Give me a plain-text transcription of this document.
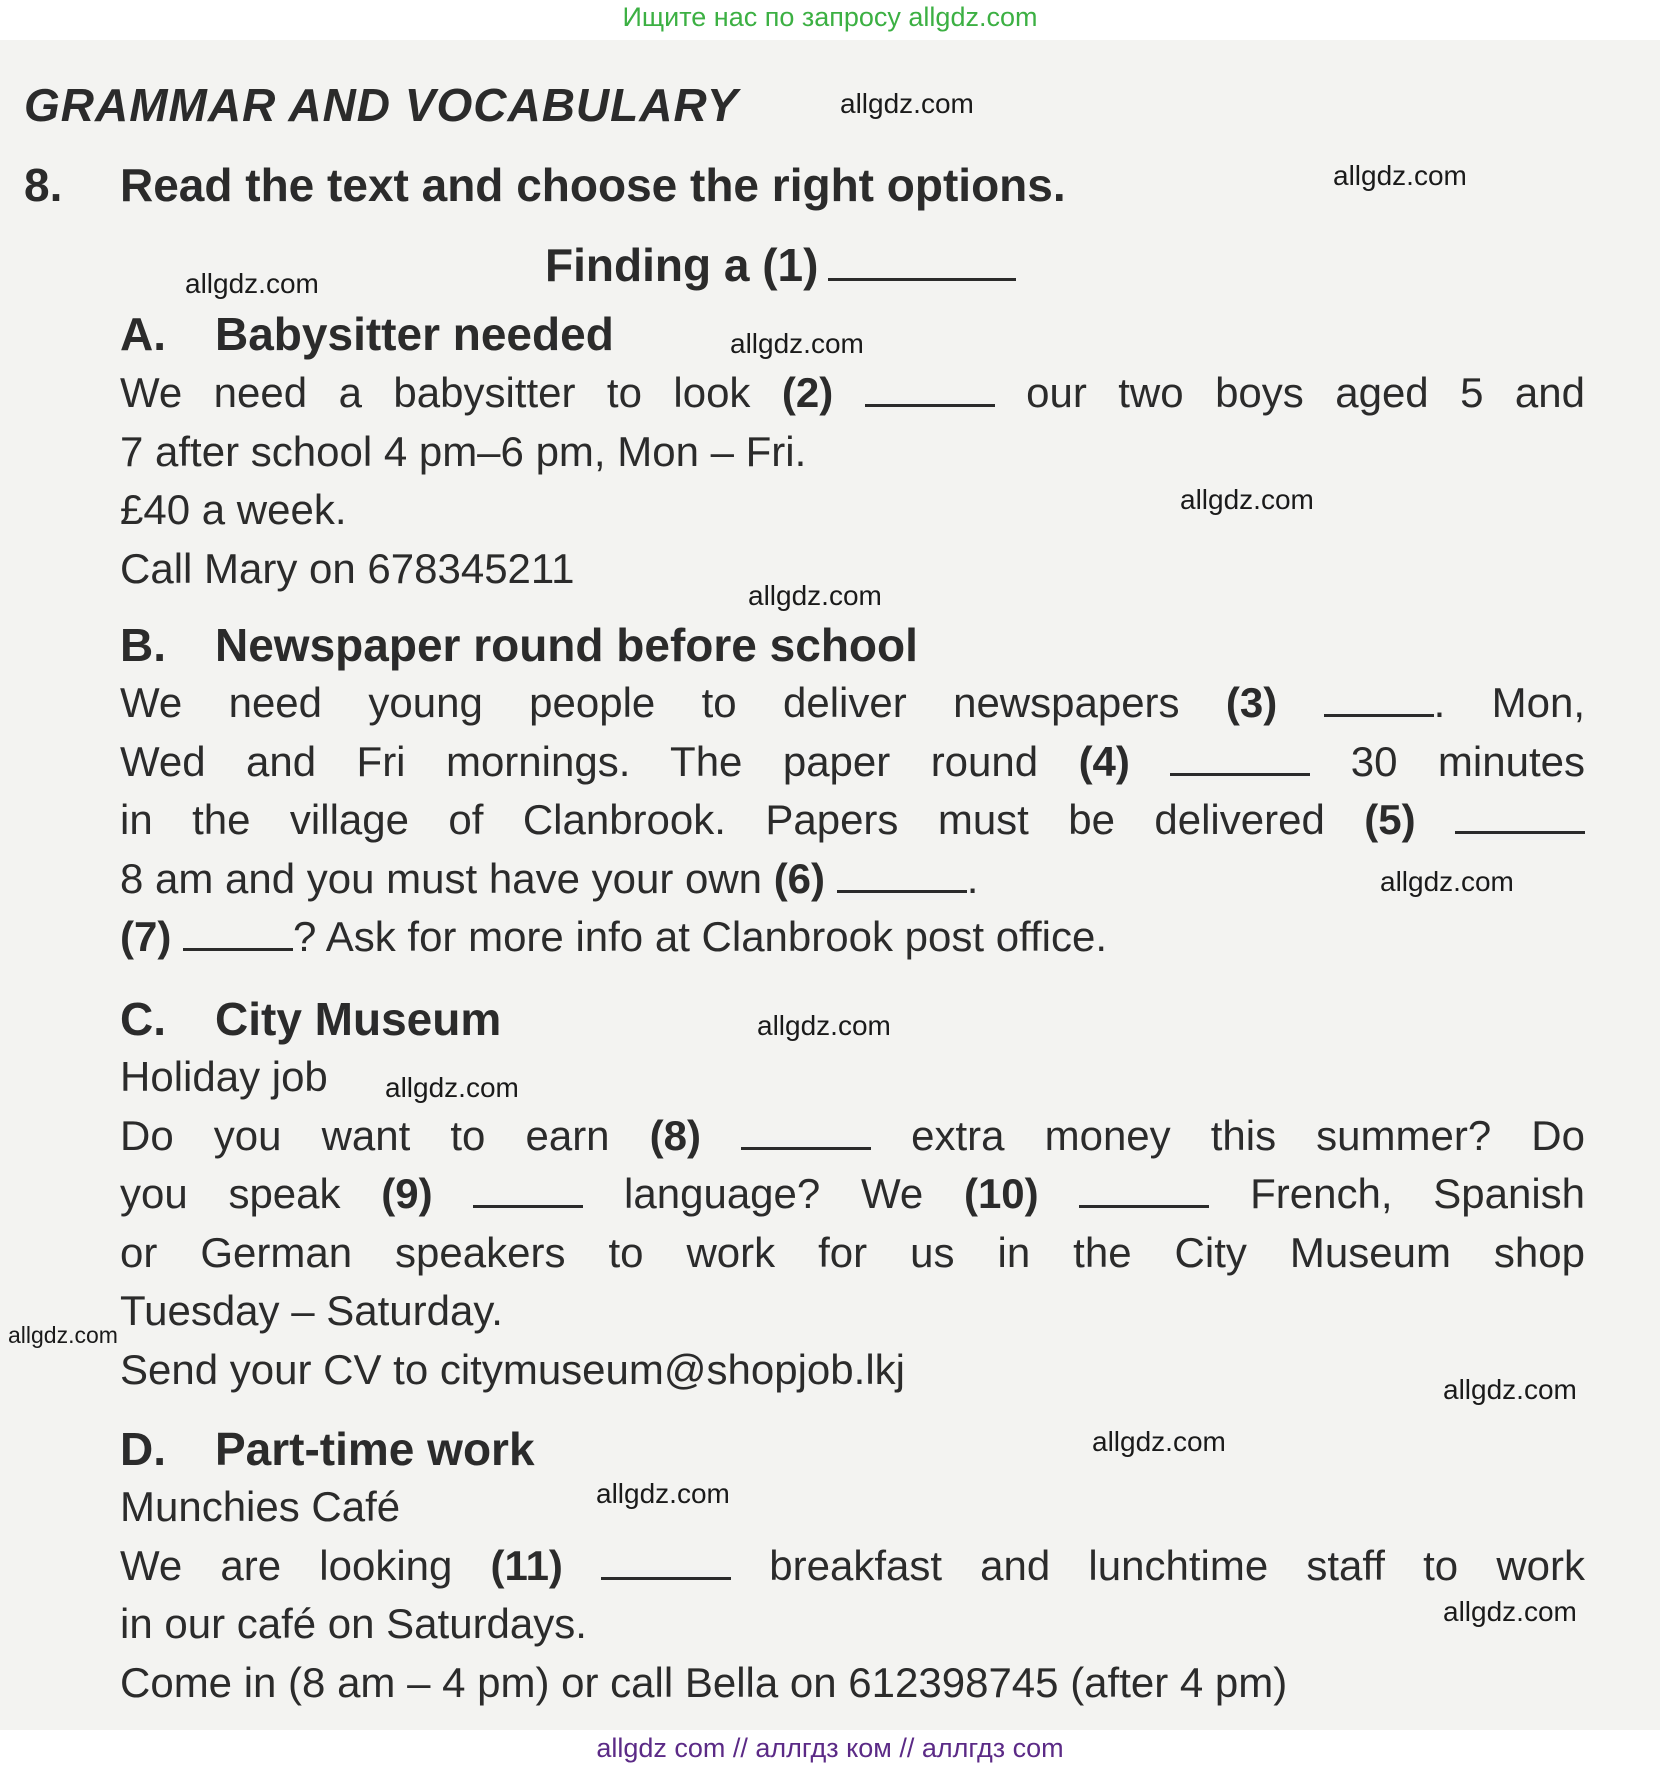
Ищите нас по запросу allgdz.com
GRAMMAR AND VOCABULARY
8. Read the text and choose the right options.
Finding a (1)
A. Babysitter needed
We need a babysitter to look (2)	our two boys aged 5 and
7 after school 4 pm–6 pm, Mon – Fri.
£40 a week.
Call Mary on 678345211
B. Newspaper round before school
We need young people to deliver newspapers (3)	. Mon,
Wed and Fri mornings. The paper round (4)	30 minutes
in the village of Clanbrook. Papers must be delivered (5)
8 am and you must have your own (6)	.
(7)	? Ask for more info at Clanbrook post office.
C. City Museum
Holiday job
Do you want to earn (8)	extra money this summer? Do
you speak (9)	language? We (10)	French, Spanish
or German speakers to work for us in the City Museum shop
Tuesday – Saturday.
Send your CV to citymuseum@shopjob.lkj
D. Part-time work
Munchies Café
We are looking (11)	breakfast and lunchtime staff to work
in our café on Saturdays.
Come in (8 am – 4 pm) or call Bella on 612398745 (after 4 pm)
allgdz.com
allgdz.com
allgdz.com
allgdz.com
allgdz.com
allgdz.com
allgdz.com
allgdz.com
allgdz.com
allgdz.com
allgdz.com
allgdz.com
allgdz.com
allgdz.com
allgdz com // аллгдз ком // аллгдз com
